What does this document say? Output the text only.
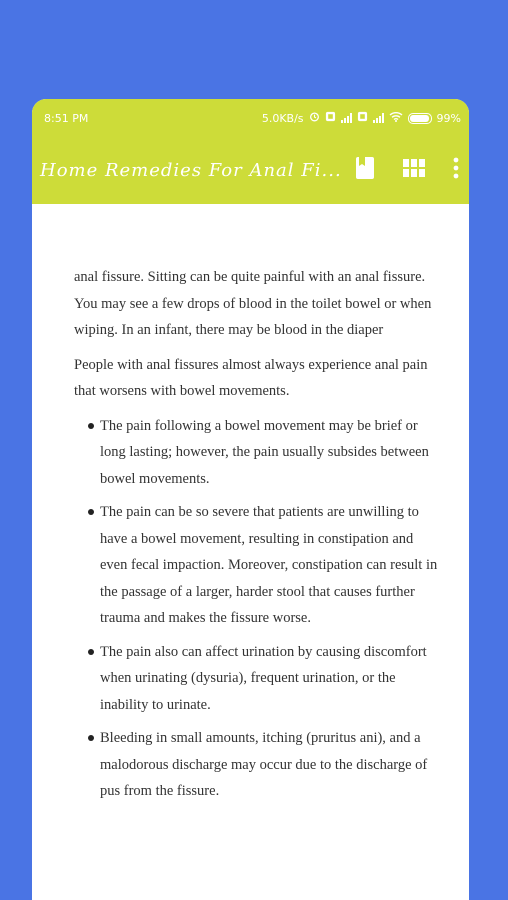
8:51 PM	5.0KB/s	99%
Home Remedies For Anal Fi...

anal fissure. Sitting can be quite painful with an anal fissure. You may see a few drops of blood in the toilet bowel or when wiping. In an infant, there may be blood in the diaper

People with anal fissures almost always experience anal pain that worsens with bowel movements.

The pain following a bowel movement may be brief or long lasting; however, the pain usually subsides between bowel movements.
The pain can be so severe that patients are unwilling to have a bowel movement, resulting in constipation and even fecal impaction. Moreover, constipation can result in the passage of a larger, harder stool that causes further trauma and makes the fissure worse.
The pain also can affect urination by causing discomfort when urinating (dysuria), frequent urination, or the inability to urinate.
Bleeding in small amounts, itching (pruritus ani), and a malodorous discharge may occur due to the discharge of pus from the fissure.
